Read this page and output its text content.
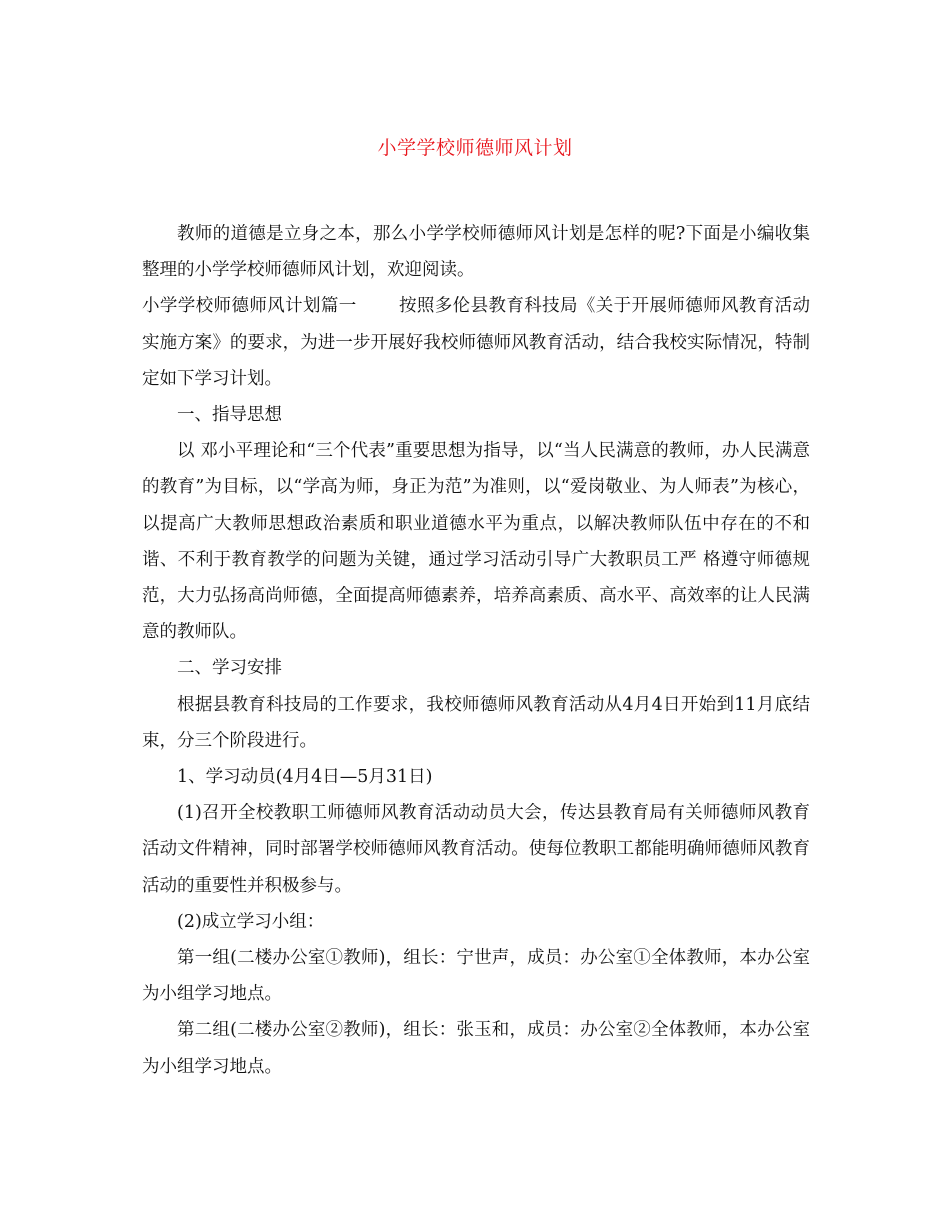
小学学校师德师风计划

教师的道德是立身之本，那么小学学校师德师风计划是怎样的呢?下面是小编收集整理的小学学校师德师风计划，欢迎阅读。

小学学校师德师风计划篇一 按照多伦县教育科技局《关于开展师德师风教育活动实施方案》的要求，为进一步开展好我校师德师风教育活动，结合我校实际情况，特制定如下学习计划。

一、指导思想

以 邓小平理论和“三个代表”重要思想为指导，以“当人民满意的教师，办人民满意的教育”为目标，以“学高为师，身正为范”为准则，以“爱岗敬业、为人师表”为核心，以提高广大教师思想政治素质和职业道德水平为重点，以解决教师队伍中存在的不和谐、不利于教育教学的问题为关键，通过学习活动引导广大教职员工严 格遵守师德规范，大力弘扬高尚师德，全面提高师德素养，培养高素质、高水平、高效率的让人民满意的教师队。

二、学习安排

根据县教育科技局的工作要求，我校师德师风教育活动从4月4日开始到11月底结束，分三个阶段进行。

1、学习动员(4月4日—5月31日)

(1)召开全校教职工师德师风教育活动动员大会，传达县教育局有关师德师风教育活动文件精神，同时部署学校师德师风教育活动。使每位教职工都能明确师德师风教育活动的重要性并积极参与。

(2)成立学习小组：

第一组(二楼办公室①教师)，组长：宁世声，成员：办公室①全体教师，本办公室为小组学习地点。

第二组(二楼办公室②教师)，组长：张玉和，成员：办公室②全体教师，本办公室为小组学习地点。
